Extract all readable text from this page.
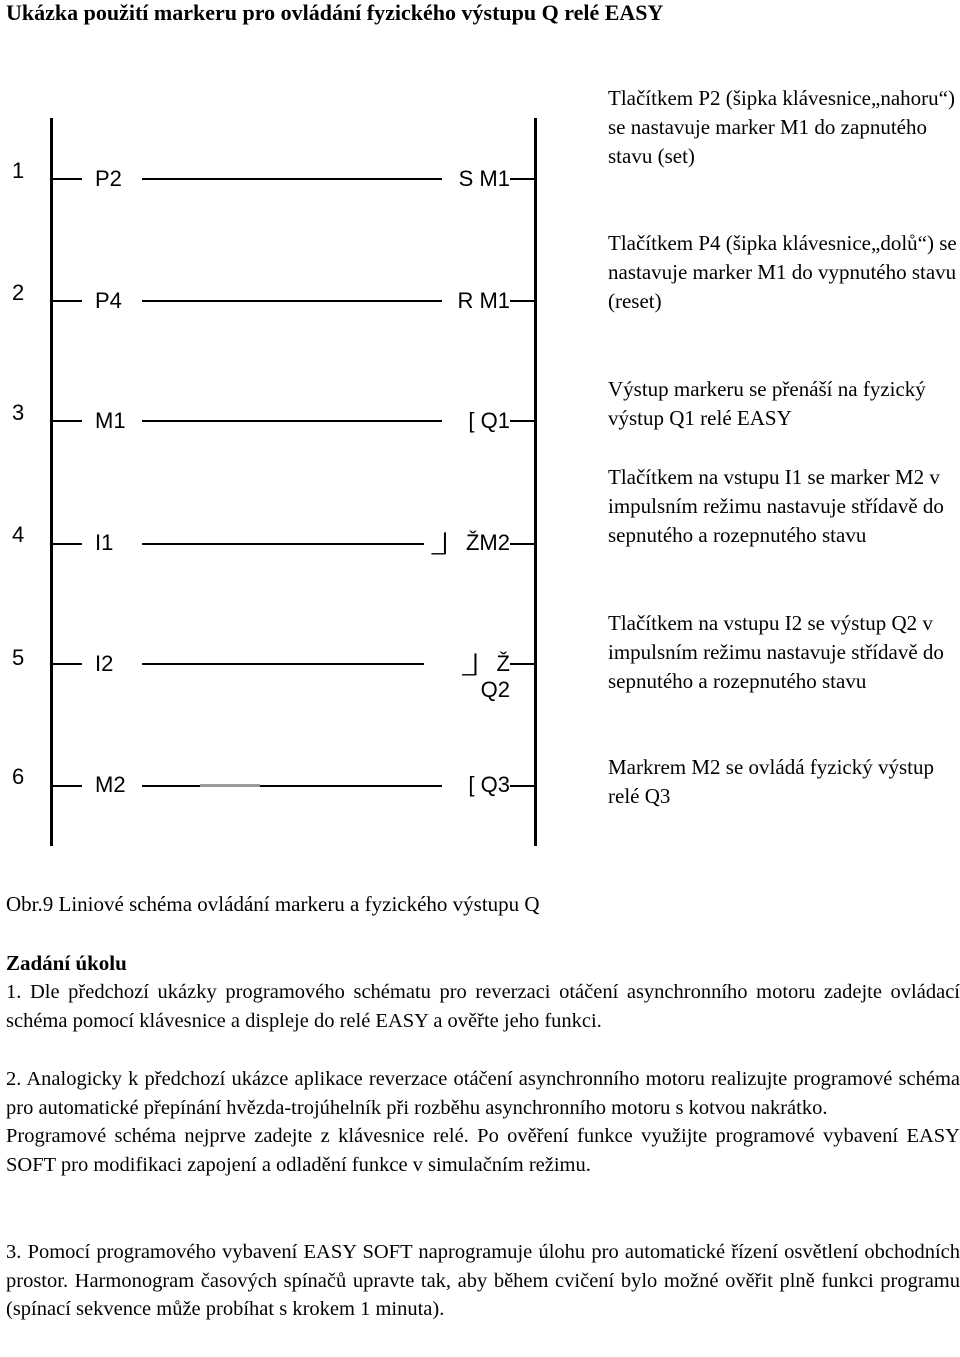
Ukázka použití markeru pro ovládání fyzického výstupu Q relé EASY
1	P2	S M1
2	P4	R M1
3	M1	[ Q1
4	I1	_⎸ŽM2
5	I2	_⎸Ž Q2
6	M2	[ Q3
Tlačítkem P2 (šipka klávesnice„nahoru“) se nastavuje marker M1 do zapnutého stavu (set)
Tlačítkem P4 (šipka klávesnice„dolů“) se nastavuje marker M1 do vypnutého stavu (reset)
Výstup markeru se přenáší na fyzický výstup Q1 relé EASY
Tlačítkem na vstupu I1 se marker M2 v impulsním režimu nastavuje střídavě do sepnutého a rozepnutého stavu
Tlačítkem na vstupu I2 se výstup Q2 v impulsním režimu nastavuje střídavě do sepnutého a rozepnutého stavu
Markrem M2 se ovládá fyzický výstup relé Q3
Obr.9 Liniové schéma ovládání markeru a fyzického výstupu Q
Zadání úkolu

1. Dle předchozí ukázky programového schématu pro reverzaci otáčení asynchronního motoru zadejte ovládací schéma pomocí klávesnice a displeje do relé EASY a ověřte jeho funkci.

2. Analogicky k předchozí ukázce aplikace reverzace otáčení asynchronního motoru realizujte programové schéma pro automatické přepínání hvězda-trojúhelník při rozběhu asynchronního motoru s kotvou nakrátko.

Programové schéma nejprve zadejte z klávesnice relé. Po ověření funkce využijte programové vybavení EASY SOFT pro modifikaci zapojení a odladění funkce v simulačním režimu.

3. Pomocí programového vybavení EASY SOFT naprogramuje úlohu pro automatické řízení osvětlení obchodních prostor. Harmonogram časových spínačů upravte tak, aby během cvičení bylo možné ověřit plně funkci programu (spínací sekvence může probíhat s krokem 1 minuta).
